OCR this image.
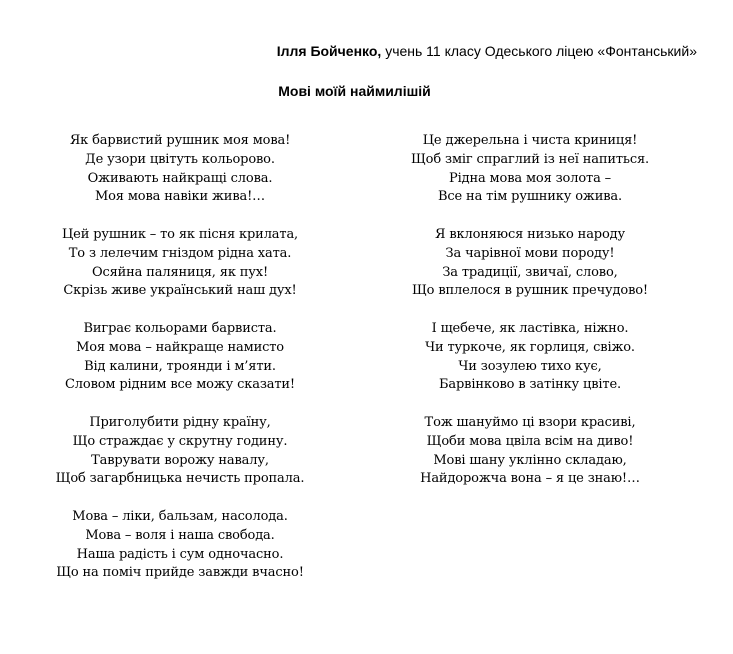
Ілля Бойченко, учень 11 класу Одеського ліцею «Фонтанський»
Мові моїй наймилішій
Як барвистий рушник моя мова!
Де узори цвітуть кольорово.
Оживають найкращі слова.
Моя мова навіки жива!…
Цей рушник – то як пісня крилата,
То з лелечим гніздом рідна хата.
Осяйна паляниця, як пух!
Скрізь живе український наш дух!
Виграє кольорами барвиста.
Моя мова – найкраще намисто
Від калини, троянди і м’яти.
Словом рідним все можу сказати!
Приголубити рідну країну,
Що страждає у скрутну годину.
Таврувати ворожу навалу,
Щоб загарбницька нечисть пропала.
Мова – ліки, бальзам, насолода.
Мова – воля і наша свобода.
Наша радість і сум одночасно.
Що на поміч прийде завжди вчасно!
Це джерельна і чиста криниця!
Щоб зміг спраглий із неї напиться.
Рідна мова моя золота –
Все на тім рушнику ожива.
Я вклоняюся низько народу
За чарівної мови породу!
За традиції, звичаї, слово,
Що вплелося в рушник пречудово!
І щебече, як ластівка, ніжно.
Чи туркоче, як горлиця, свіжо.
Чи зозулею тихо кує,
Барвінково в затінку цвіте.
Тож шануймо ці взори красиві,
Щоби мова цвіла всім на диво!
Мові шану уклінно складаю,
Найдорожча вона – я це знаю!…
